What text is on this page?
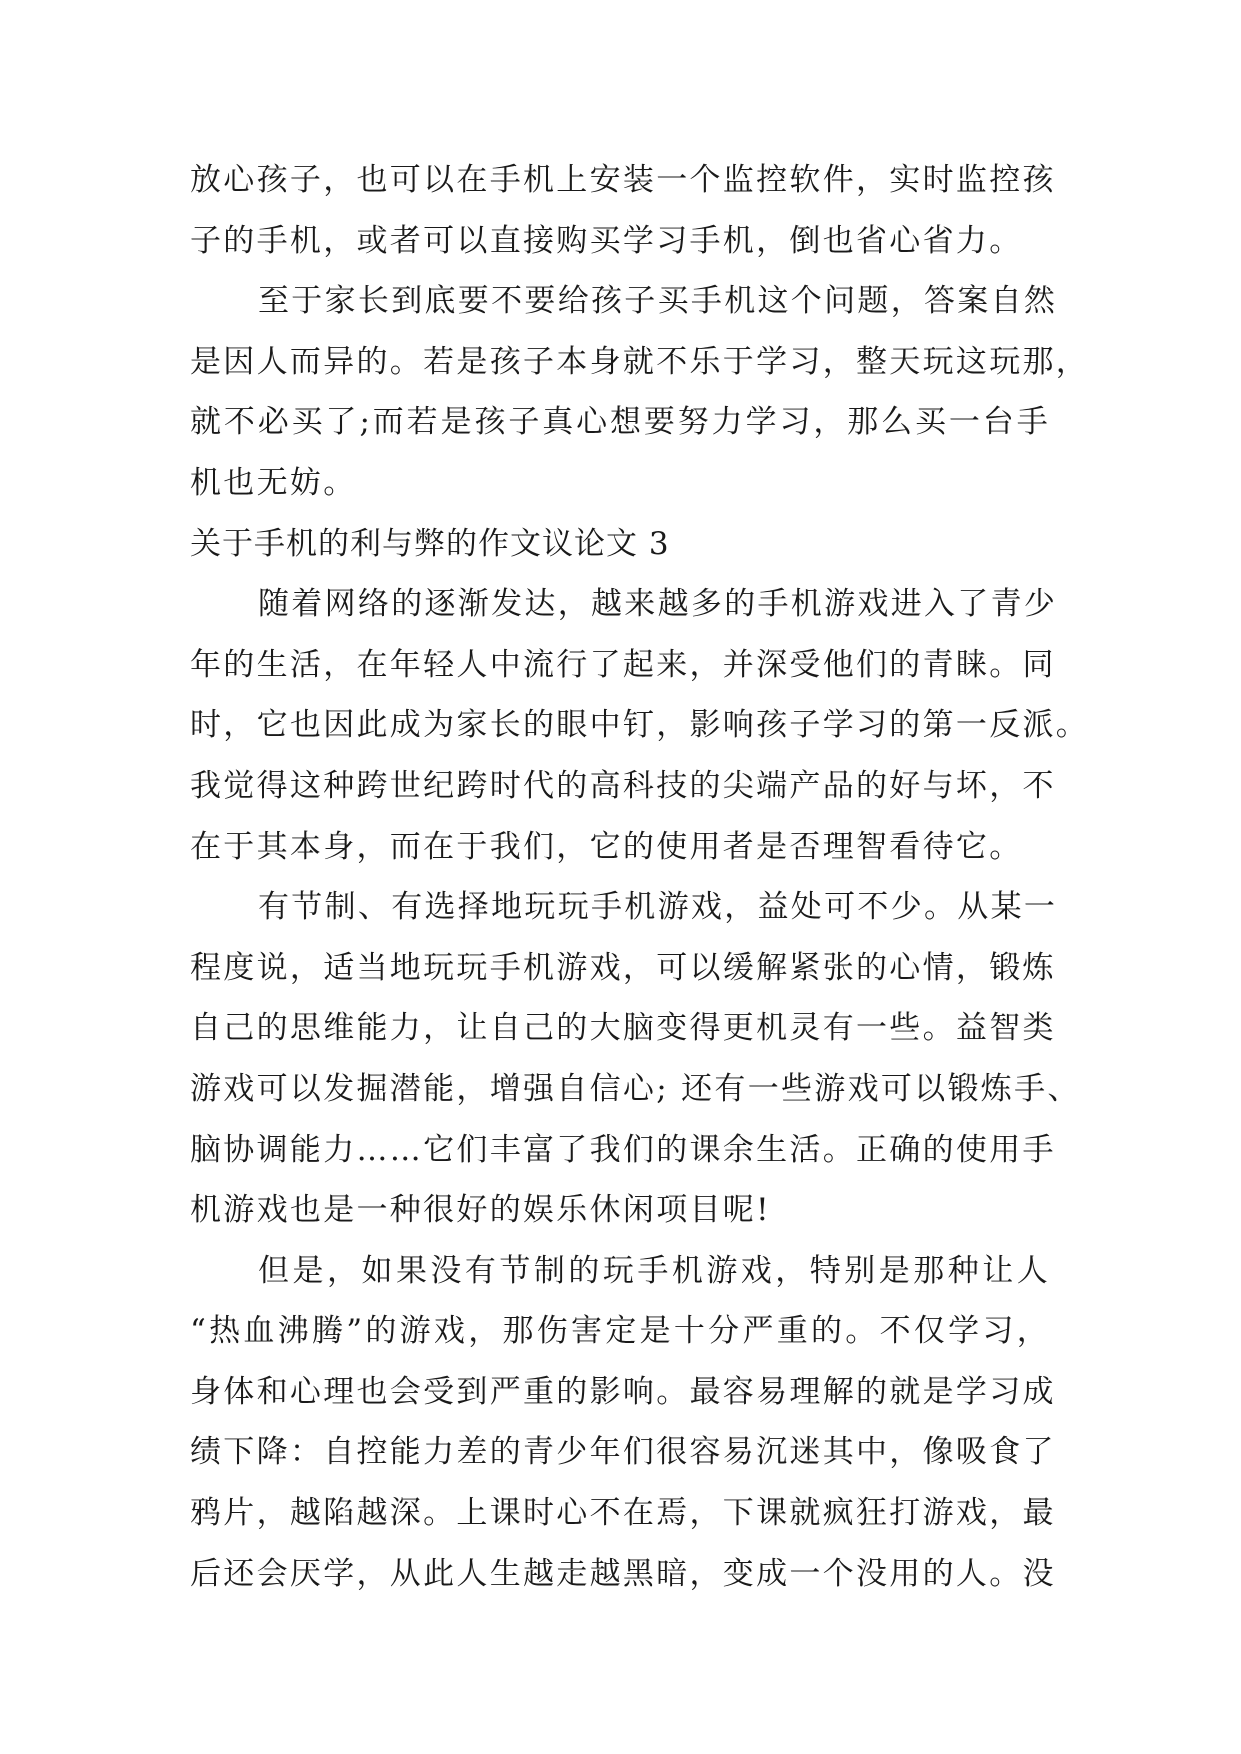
放心孩子，也可以在手机上安装一个监控软件，实时监控孩
子的手机，或者可以直接购买学习手机，倒也省心省力。
至于家长到底要不要给孩子买手机这个问题，答案自然
是因人而异的。若是孩子本身就不乐于学习，整天玩这玩那，
就不必买了;而若是孩子真心想要努力学习，那么买一台手
机也无妨。
关于手机的利与弊的作文议论文 3
随着网络的逐渐发达，越来越多的手机游戏进入了青少
年的生活，在年轻人中流行了起来，并深受他们的青睐。同
时，它也因此成为家长的眼中钉，影响孩子学习的第一反派。
我觉得这种跨世纪跨时代的高科技的尖端产品的好与坏，不
在于其本身，而在于我们，它的使用者是否理智看待它。
有节制、有选择地玩玩手机游戏，益处可不少。从某一
程度说，适当地玩玩手机游戏，可以缓解紧张的心情，锻炼
自己的思维能力，让自己的大脑变得更机灵有一些。益智类
游戏可以发掘潜能，增强自信心; 还有一些游戏可以锻炼手、
脑协调能力……它们丰富了我们的课余生活。正确的使用手
机游戏也是一种很好的娱乐休闲项目呢!
但是，如果没有节制的玩手机游戏，特别是那种让人
“热血沸腾”的游戏，那伤害定是十分严重的。不仅学习，
身体和心理也会受到严重的影响。最容易理解的就是学习成
绩下降：自控能力差的青少年们很容易沉迷其中，像吸食了
鸦片，越陷越深。上课时心不在焉，下课就疯狂打游戏，最
后还会厌学，从此人生越走越黑暗，变成一个没用的人。没
